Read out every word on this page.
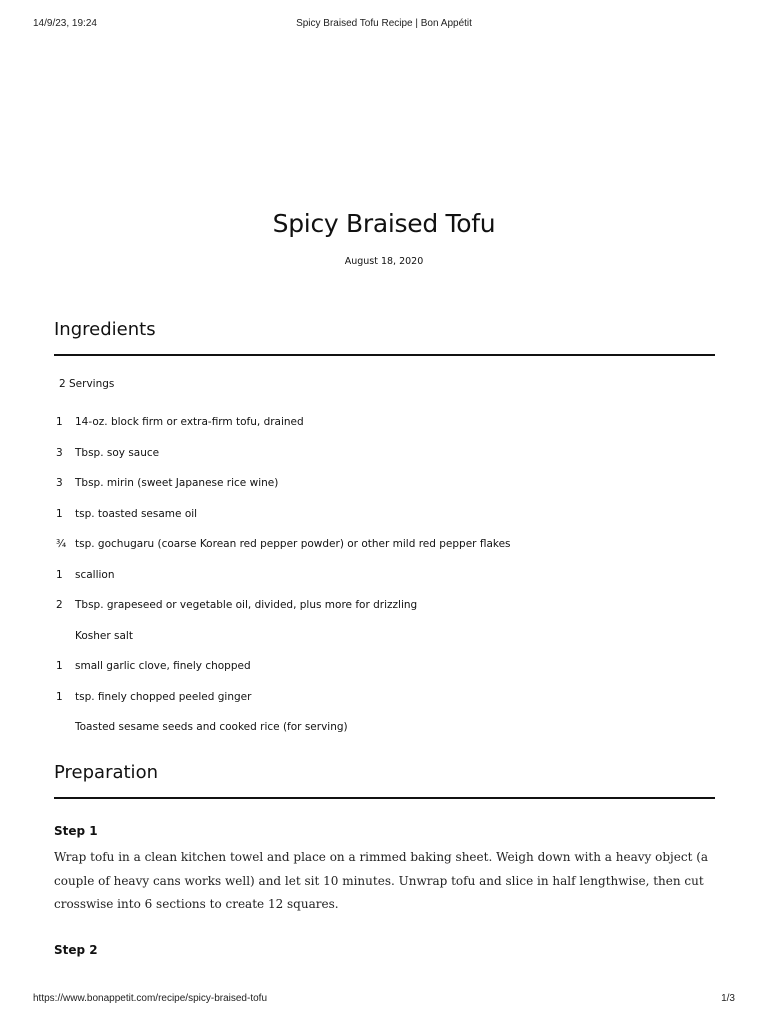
14/9/23, 19:24	Spicy Braised Tofu Recipe | Bon Appétit
Spicy Braised Tofu
August 18, 2020
Ingredients
2 Servings
1 14-oz. block firm or extra-firm tofu, drained
3 Tbsp. soy sauce
3 Tbsp. mirin (sweet Japanese rice wine)
1 tsp. toasted sesame oil
¾ tsp. gochugaru (coarse Korean red pepper powder) or other mild red pepper flakes
1 scallion
2 Tbsp. grapeseed or vegetable oil, divided, plus more for drizzling
Kosher salt
1 small garlic clove, finely chopped
1 tsp. finely chopped peeled ginger
Toasted sesame seeds and cooked rice (for serving)
Preparation
Step 1

Wrap tofu in a clean kitchen towel and place on a rimmed baking sheet. Weigh down with a heavy object (a couple of heavy cans works well) and let sit 10 minutes. Unwrap tofu and slice in half lengthwise, then cut crosswise into 6 sections to create 12 squares.

Step 2
https://www.bonappetit.com/recipe/spicy-braised-tofu	1/3
